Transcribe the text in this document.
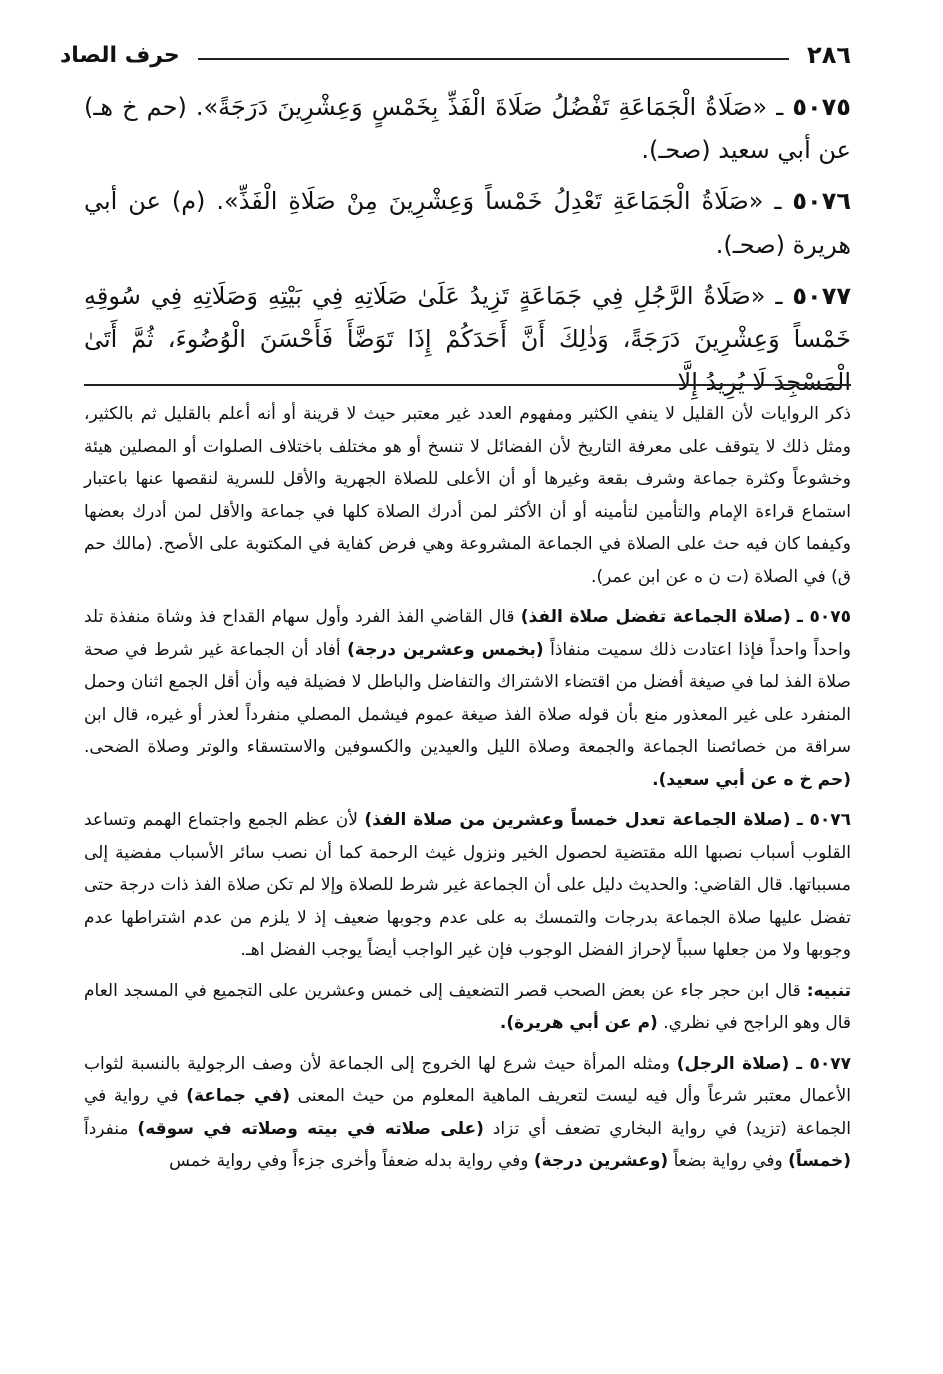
٢٨٦
حرف الصاد

٥٠٧٥ ـ «صَلَاةُ الْجَمَاعَةِ تَفْضُلُ صَلَاةَ الْفَذِّ بِخَمْسٍ وَعِشْرِينَ دَرَجَةً». (حم خ هـ) عن أبي سعيد (صحـ).

٥٠٧٦ ـ «صَلَاةُ الْجَمَاعَةِ تَعْدِلُ خَمْساً وَعِشْرِينَ مِنْ صَلَاةِ الْفَذِّ». (م) عن أبي هريرة (صحـ).

٥٠٧٧ ـ «صَلَاةُ الرَّجُلِ فِي جَمَاعَةٍ تَزِيدُ عَلَىٰ صَلَاتِهِ فِي بَيْتِهِ وَصَلَاتِهِ فِي سُوقِهِ خَمْساً وَعِشْرِينَ دَرَجَةً، وَذٰلِكَ أَنَّ أَحَدَكُمْ إِذَا تَوَضَّأَ فَأَحْسَنَ الْوُضُوءَ، ثُمَّ أَتَىٰ الْمَسْجِدَ لَا يُرِيدُ إِلَّا

ذكر الروايات لأن القليل لا ينفي الكثير ومفهوم العدد غير معتبر حيث لا قرينة أو أنه أعلم بالقليل ثم بالكثير، ومثل ذلك لا يتوقف على معرفة التاريخ لأن الفضائل لا تنسخ أو هو مختلف باختلاف الصلوات أو المصلين هيئة وخشوعاً وكثرة جماعة وشرف بقعة وغيرها أو أن الأعلى للصلاة الجهرية والأقل للسرية لنقصها عنها باعتبار استماع قراءة الإمام والتأمين لتأمينه أو أن الأكثر لمن أدرك الصلاة كلها في جماعة والأقل لمن أدرك بعضها وكيفما كان فيه حث على الصلاة في الجماعة المشروعة وهي فرض كفاية في المكتوبة على الأصح. (مالك حم ق) في الصلاة (ت ن ه عن ابن عمر).

٥٠٧٥ ـ (صلاة الجماعة تفضل صلاة الفذ) قال القاضي الفذ الفرد وأول سهام القداح فذ وشاة منفذة تلد واحداً واحداً فإذا اعتادت ذلك سميت منفاذاً (بخمس وعشرين درجة) أفاد أن الجماعة غير شرط في صحة صلاة الفذ لما في صيغة أفضل من اقتضاء الاشتراك والتفاضل والباطل لا فضيلة فيه وأن أقل الجمع اثنان وحمل المنفرد على غير المعذور منع بأن قوله صلاة الفذ صيغة عموم فيشمل المصلي منفرداً لعذر أو غيره، قال ابن سراقة من خصائصنا الجماعة والجمعة وصلاة الليل والعيدين والكسوفين والاستسقاء والوتر وصلاة الضحى. (حم خ ه عن أبي سعيد).

٥٠٧٦ ـ (صلاة الجماعة تعدل خمساً وعشرين من صلاة الفذ) لأن عظم الجمع واجتماع الهمم وتساعد القلوب أسباب نصبها الله مقتضية لحصول الخير ونزول غيث الرحمة كما أن نصب سائر الأسباب مفضية إلى مسبباتها. قال القاضي: والحديث دليل على أن الجماعة غير شرط للصلاة وإلا لم تكن صلاة الفذ ذات درجة حتى تفضل عليها صلاة الجماعة بدرجات والتمسك به على عدم وجوبها ضعيف إذ لا يلزم من عدم اشتراطها عدم وجوبها ولا من جعلها سبباً لإحراز الفضل الوجوب فإن غير الواجب أيضاً يوجب الفضل اهـ.

تنبيه: قال ابن حجر جاء عن بعض الصحب قصر التضعيف إلى خمس وعشرين على التجميع في المسجد العام قال وهو الراجح في نظري. (م عن أبي هريرة).

٥٠٧٧ ـ (صلاة الرجل) ومثله المرأة حيث شرع لها الخروج إلى الجماعة لأن وصف الرجولية بالنسبة لثواب الأعمال معتبر شرعاً وأل فيه ليست لتعريف الماهية المعلوم من حيث المعنى (في جماعة) في رواية في الجماعة (تزيد) في رواية البخاري تضعف أي تزاد (على صلاته في بيته وصلاته في سوقه) منفرداً (خمساً) وفي رواية بضعاً (وعشرين درجة) وفي رواية بدله ضعفاً وأخرى جزءاً وفي رواية خمس
